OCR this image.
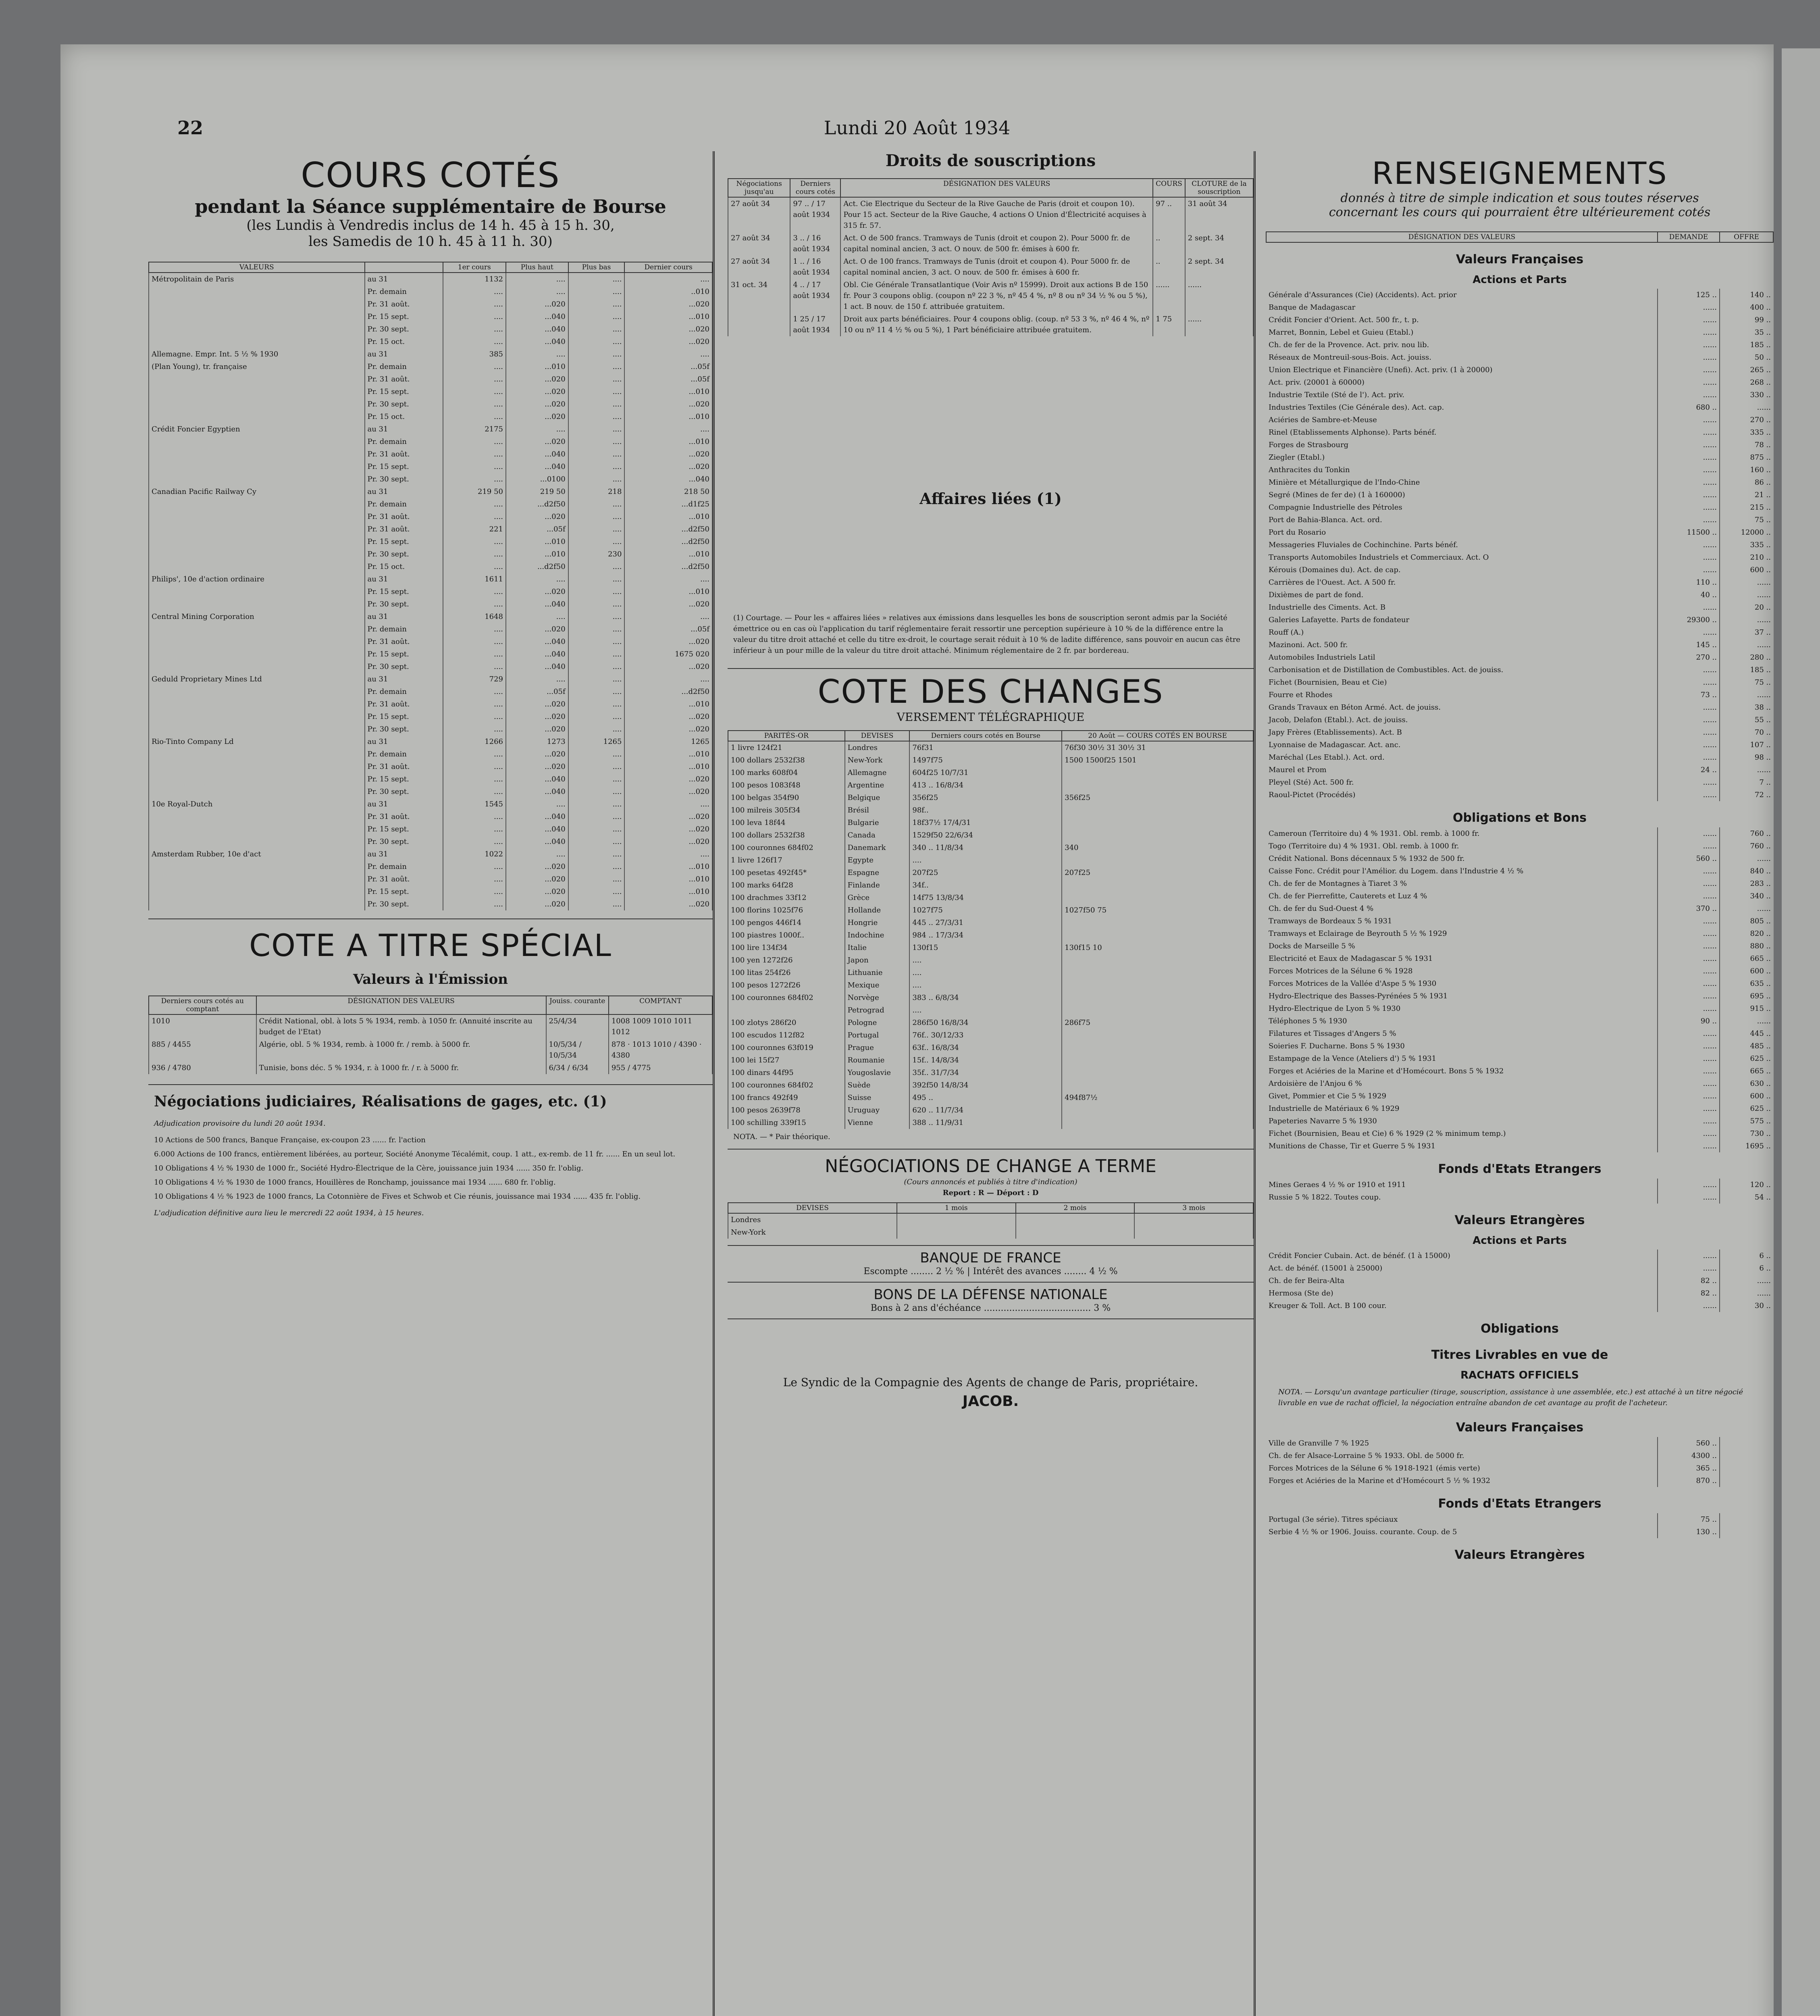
22	Lundi 20 Août 1934
COURS COTÉS
pendant la Séance supplémentaire de Bourse
(les Lundis à Vendredis inclus de 14 h. 45 à 15 h. 30,
les Samedis de 10 h. 45 à 11 h. 30)
VALEURS		1er cours	Plus haut	Plus bas	Dernier cours
Métropolitain de Paris	au 31	1132	....	....	....
	Pr. demain	....	....	....	..010
	Pr. 31 août.	....	...020	....	...020
	Pr. 15 sept.	....	...040	....	...010
	Pr. 30 sept.	....	...040	....	...020
	Pr. 15 oct.	....	...040	....	...020
Allemagne. Empr. Int. 5 ½ % 1930	au 31	385	....	....	....
(Plan Young), tr. française	Pr. demain	....	...010	....	...05f
	Pr. 31 août.	....	...020	....	...05f
	Pr. 15 sept.	....	...020	....	...010
	Pr. 30 sept.	....	...020	....	...020
	Pr. 15 oct.	....	...020	....	...010
Crédit Foncier Egyptien	au 31	2175	....	....	....
	Pr. demain	....	...020	....	...010
	Pr. 31 août.	....	...040	....	...020
	Pr. 15 sept.	....	...040	....	...020
	Pr. 30 sept.	....	...0100	....	...040
Canadian Pacific Railway Cy	au 31	219 50	219 50	218	218 50
	Pr. demain	....	...d2f50	....	...d1f25
	Pr. 31 août.	....	...020	....	...010
	Pr. 31 août.	221	...05f	....	...d2f50
	Pr. 15 sept.	....	...010	....	...d2f50
	Pr. 30 sept.	....	...010	230	...010
	Pr. 15 oct.	....	...d2f50	....	...d2f50
Philips', 10e d'action ordinaire	au 31	1611	....	....	....
	Pr. 15 sept.	....	...020	....	...010
	Pr. 30 sept.	....	...040	....	...020
Central Mining Corporation	au 31	1648	....	....	....
	Pr. demain	....	...020	....	...05f
	Pr. 31 août.	....	...040	....	...020
	Pr. 15 sept.	....	...040	....	1675 020
	Pr. 30 sept.	....	...040	....	...020
Geduld Proprietary Mines Ltd	au 31	729	....	....	....
	Pr. demain	....	...05f	....	...d2f50
	Pr. 31 août.	....	...020	....	...010
	Pr. 15 sept.	....	...020	....	...020
	Pr. 30 sept.	....	...020	....	...020
Rio-Tinto Company Ld	au 31	1266	1273	1265	1265
	Pr. demain	....	...020	....	...010
	Pr. 31 août.	....	...020	....	...010
	Pr. 15 sept.	....	...040	....	...020
	Pr. 30 sept.	....	...040	....	...020
10e Royal-Dutch	au 31	1545	....	....	....
	Pr. 31 août.	....	...040	....	...020
	Pr. 15 sept.	....	...040	....	...020
	Pr. 30 sept.	....	...040	....	...020
Amsterdam Rubber, 10e d'act	au 31	1022	....	....	....
	Pr. demain	....	...020	....	...010
	Pr. 31 août.	....	...020	....	...010
	Pr. 15 sept.	....	...020	....	...010
	Pr. 30 sept.	....	...020	....	...020
COTE A TITRE SPÉCIAL
Valeurs à l'Émission
Derniers cours cotés au comptant	DÉSIGNATION DES VALEURS	Jouiss. courante	COMPTANT
1010	Crédit National, obl. à lots 5 % 1934, remb. à 1050 fr. (Annuité inscrite au budget de l'Etat)	25/4/34	1008 1009 1010 1011 1012
885 / 4455	Algérie, obl. 5 % 1934, remb. à 1000 fr. / remb. à 5000 fr.	10/5/34 / 10/5/34	878 · 1013 1010 / 4390 · 4380
936 / 4780	Tunisie, bons déc. 5 % 1934, r. à 1000 fr. / r. à 5000 fr.	6/34 / 6/34	955 / 4775
Négociations judiciaires, Réalisations de gages, etc. (1)
Adjudication provisoire du lundi 20 août 1934.
10 Actions de 500 francs, Banque Française, ex-coupon 23 ...... fr. l'action
6.000 Actions de 100 francs, entièrement libérées, au porteur, Société Anonyme Técalémit, coup. 1 att., ex-remb. de 11 fr. ...... En un seul lot.
10 Obligations 4 ½ % 1930 de 1000 fr., Société Hydro-Électrique de la Cère, jouissance juin 1934 ...... 350 fr. l'oblig.
10 Obligations 4 ½ % 1930 de 1000 francs, Houillères de Ronchamp, jouissance mai 1934 ...... 680 fr. l'oblig.
10 Obligations 4 ½ % 1923 de 1000 francs, La Cotonnière de Fives et Schwob et Cie réunis, jouissance mai 1934 ...... 435 fr. l'oblig.
L'adjudication définitive aura lieu le mercredi 22 août 1934, à 15 heures.
Droits de souscriptions
Négociations jusqu'au	Derniers cours cotés	DÉSIGNATION DES VALEURS	COURS	CLOTURE de la souscription
27 août 34	97 .. / 17 août 1934	Act. Cie Electrique du Secteur de la Rive Gauche de Paris (droit et coupon 10). Pour 15 act. Secteur de la Rive Gauche, 4 actions O Union d'Électricité acquises à 315 fr. 57.	97 ..	31 août 34
27 août 34	3 .. / 16 août 1934	Act. O de 500 francs. Tramways de Tunis (droit et coupon 2). Pour 5000 fr. de capital nominal ancien, 3 act. O nouv. de 500 fr. émises à 600 fr.	..	2 sept. 34
27 août 34	1 .. / 16 août 1934	Act. O de 100 francs. Tramways de Tunis (droit et coupon 4). Pour 5000 fr. de capital nominal ancien, 3 act. O nouv. de 500 fr. émises à 600 fr.	..	2 sept. 34
31 oct. 34	4 .. / 17 août 1934	Obl. Cie Générale Transatlantique (Voir Avis nº 15999). Droit aux actions B de 150 fr. Pour 3 coupons oblig. (coupon nº 22 3 %, nº 45 4 %, nº 8 ou nº 34 ½ % ou 5 %), 1 act. B nouv. de 150 f. attribuée gratuitem.	......	......
	1 25 / 17 août 1934	Droit aux parts bénéficiaires. Pour 4 coupons oblig. (coup. nº 53 3 %, nº 46 4 %, nº 10 ou nº 11 4 ½ % ou 5 %), 1 Part bénéficiaire attribuée gratuitem.	1 75	......
Affaires liées (1)
(1) Courtage. — Pour les « affaires liées » relatives aux émissions dans lesquelles les bons de souscription seront admis par la Société émettrice ou en cas où l'application du tarif réglementaire ferait ressortir une perception supérieure à 10 % de la différence entre la valeur du titre droit attaché et celle du titre ex-droit, le courtage serait réduit à 10 % de ladite différence, sans pouvoir en aucun cas être inférieur à un pour mille de la valeur du titre droit attaché. Minimum réglementaire de 2 fr. par bordereau.
COTE DES CHANGES
VERSEMENT TÉLÉGRAPHIQUE
PARITÉS-OR	DEVISES	Derniers cours cotés en Bourse	20 Août — COURS COTÉS EN BOURSE
1 livre 124f21	Londres	76f31	76f30 30½ 31 30½ 31
100 dollars 2532f38	New-York	1497f75	1500 1500f25 1501
100 marks 608f04	Allemagne	604f25 10/7/31	
100 pesos 1083f48	Argentine	413 .. 16/8/34	
100 belgas 354f90	Belgique	356f25	356f25
100 milreis 305f34	Brésil	98f..	
100 leva 18f44	Bulgarie	18f37½ 17/4/31	
100 dollars 2532f38	Canada	1529f50 22/6/34	
100 couronnes 684f02	Danemark	340 .. 11/8/34	340
1 livre 126f17	Egypte	....	
100 pesetas 492f45*	Espagne	207f25	207f25
100 marks 64f28	Finlande	34f..	
100 drachmes 33f12	Grèce	14f75 13/8/34	
100 florins 1025f76	Hollande	1027f75	1027f50 75
100 pengos 446f14	Hongrie	445 .. 27/3/31	
100 piastres 1000f..	Indochine	984 .. 17/3/34	
100 lire 134f34	Italie	130f15	130f15 10
100 yen 1272f26	Japon	....	
100 litas 254f26	Lithuanie	....	
100 pesos 1272f26	Mexique	....	
100 couronnes 684f02	Norvège	383 .. 6/8/34	
	Petrograd	....	
100 zlotys 286f20	Pologne	286f50 16/8/34	286f75
100 escudos 112f82	Portugal	76f.. 30/12/33	
100 couronnes 63f019	Prague	63f.. 16/8/34	
100 lei 15f27	Roumanie	15f.. 14/8/34	
100 dinars 44f95	Yougoslavie	35f.. 31/7/34	
100 couronnes 684f02	Suède	392f50 14/8/34	
100 francs 492f49	Suisse	495 ..	494f87½
100 pesos 2639f78	Uruguay	620 .. 11/7/34	
100 schilling 339f15	Vienne	388 .. 11/9/31	
NOTA. — * Pair théorique.
NÉGOCIATIONS DE CHANGE A TERME
(Cours annoncés et publiés à titre d'indication)
Report : R — Déport : D
DEVISES	1 mois	2 mois	3 mois
Londres			
New-York			
BANQUE DE FRANCE
Escompte ........ 2 ½ % | Intérêt des avances ........ 4 ½ %
BONS DE LA DÉFENSE NATIONALE
Bons à 2 ans d'échéance ...................................... 3 %
Le Syndic de la Compagnie des Agents de change de Paris, propriétaire.
JACOB.
RENSEIGNEMENTS
donnés à titre de simple indication et sous toutes réserves
concernant les cours qui pourraient être ultérieurement cotés
DÉSIGNATION DES VALEURS	DEMANDE	OFFRE
Valeurs Françaises		
Actions et Parts		
Générale d'Assurances (Cie) (Accidents). Act. prior	125 ..	140 ..
Banque de Madagascar	......	400 ..
Crédit Foncier d'Orient. Act. 500 fr., t. p.	......	99 ..
Marret, Bonnin, Lebel et Guieu (Etabl.)	......	35 ..
Ch. de fer de la Provence. Act. priv. nou lib.	......	185 ..
Réseaux de Montreuil-sous-Bois. Act. jouiss.	......	50 ..
Union Electrique et Financière (Unefi). Act. priv. (1 à 20000)	......	265 ..
Act. priv. (20001 à 60000)	......	268 ..
Industrie Textile (Sté de l'). Act. priv.	......	330 ..
Industries Textiles (Cie Générale des). Act. cap.	680 ..	......
Aciéries de Sambre-et-Meuse	......	270 ..
Rinel (Etablissements Alphonse). Parts bénéf.	......	335 ..
Forges de Strasbourg	......	78 ..
Ziegler (Etabl.)	......	875 ..
Anthracites du Tonkin	......	160 ..
Minière et Métallurgique de l'Indo-Chine	......	86 ..
Segré (Mines de fer de) (1 à 160000)	......	21 ..
Compagnie Industrielle des Pétroles	......	215 ..
Port de Bahia-Blanca. Act. ord.	......	75 ..
Port du Rosario	11500 ..	12000 ..
Messageries Fluviales de Cochinchine. Parts bénéf.	......	335 ..
Transports Automobiles Industriels et Commerciaux. Act. O	......	210 ..
Kérouis (Domaines du). Act. de cap.	......	600 ..
Carrières de l'Ouest. Act. A 500 fr.	110 ..	......
Dixièmes de part de fond.	40 ..	......
Industrielle des Ciments. Act. B	......	20 ..
Galeries Lafayette. Parts de fondateur	29300 ..	......
Rouff (A.)	......	37 ..
Mazinoni. Act. 500 fr.	145 ..	......
Automobiles Industriels Latil	270 ..	280 ..
Carbonisation et de Distillation de Combustibles. Act. de jouiss.	......	185 ..
Fichet (Bournisien, Beau et Cie)	......	75 ..
Fourre et Rhodes	73 ..	......
Grands Travaux en Béton Armé. Act. de jouiss.	......	38 ..
Jacob, Delafon (Etabl.). Act. de jouiss.	......	55 ..
Japy Frères (Etablissements). Act. B	......	70 ..
Lyonnaise de Madagascar. Act. anc.	......	107 ..
Maréchal (Les Etabl.). Act. ord.	......	98 ..
Maurel et Prom	24 ..	......
Pleyel (Sté) Act. 500 fr.	......	7 ..
Raoul-Pictet (Procédés)	......	72 ..
Obligations et Bons		
Cameroun (Territoire du) 4 % 1931. Obl. remb. à 1000 fr.	......	760 ..
Togo (Territoire du) 4 % 1931. Obl. remb. à 1000 fr.	......	760 ..
Crédit National. Bons décennaux 5 % 1932 de 500 fr.	560 ..	......
Caisse Fonc. Crédit pour l'Amélior. du Logem. dans l'Industrie 4 ½ %	......	840 ..
Ch. de fer de Montagnes à Tiaret 3 %	......	283 ..
Ch. de fer Pierrefitte, Cauterets et Luz 4 %	......	340 ..
Ch. de fer du Sud-Ouest 4 %	370 ..	......
Tramways de Bordeaux 5 % 1931	......	805 ..
Tramways et Eclairage de Beyrouth 5 ½ % 1929	......	820 ..
Docks de Marseille 5 %	......	880 ..
Electricité et Eaux de Madagascar 5 % 1931	......	665 ..
Forces Motrices de la Sélune 6 % 1928	......	600 ..
Forces Motrices de la Vallée d'Aspe 5 % 1930	......	635 ..
Hydro-Electrique des Basses-Pyrénées 5 % 1931	......	695 ..
Hydro-Electrique de Lyon 5 % 1930	......	915 ..
Téléphones 5 % 1930	90 ..	......
Filatures et Tissages d'Angers 5 %	......	445 ..
Soieries F. Ducharne. Bons 5 % 1930	......	485 ..
Estampage de la Vence (Ateliers d') 5 % 1931	......	625 ..
Forges et Aciéries de la Marine et d'Homécourt. Bons 5 % 1932	......	665 ..
Ardoisière de l'Anjou 6 %	......	630 ..
Givet, Pommier et Cie 5 % 1929	......	600 ..
Industrielle de Matériaux 6 % 1929	......	625 ..
Papeteries Navarre 5 % 1930	......	575 ..
Fichet (Bournisien, Beau et Cie) 6 % 1929 (2 % minimum temp.)	......	730 ..
Munitions de Chasse, Tir et Guerre 5 % 1931	......	1695 ..
Fonds d'Etats Etrangers		
Mines Geraes 4 ½ % or 1910 et 1911	......	120 ..
Russie 5 % 1822. Toutes coup.	......	54 ..
Valeurs Etrangères		
Actions et Parts		
Crédit Foncier Cubain. Act. de bénéf. (1 à 15000)	......	6 ..
Act. de bénéf. (15001 à 25000)	......	6 ..
Ch. de fer Beira-Alta	82 ..	......
Hermosa (Ste de)	82 ..	......
Kreuger & Toll. Act. B 100 cour.	......	30 ..
Obligations		
Titres Livrables en vue de		
RACHATS OFFICIELS		
NOTA. — Lorsqu'un avantage particulier (tirage, souscription, assistance à une assemblée, etc.) est attaché à un titre négocié livrable en vue de rachat officiel, la négociation entraîne abandon de cet avantage au profit de l'acheteur.		
Valeurs Françaises		
Ville de Granville 7 % 1925	560 ..	
Ch. de fer Alsace-Lorraine 5 % 1933. Obl. de 5000 fr.	4300 ..	
Forces Motrices de la Sélune 6 % 1918-1921 (émis verte)	365 ..	
Forges et Aciéries de la Marine et d'Homécourt 5 ½ % 1932	870 ..	
Fonds d'Etats Etrangers		
Portugal (3e série). Titres spéciaux	75 ..	
Serbie 4 ½ % or 1906. Jouiss. courante. Coup. de 5	130 ..	
Valeurs Etrangères		
